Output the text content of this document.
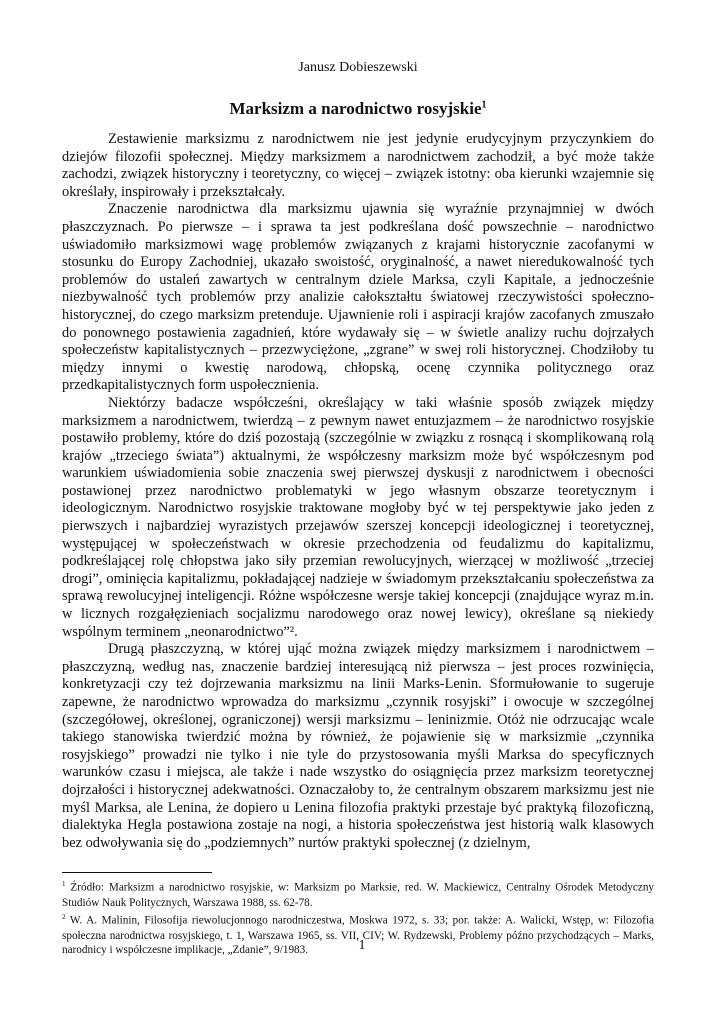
Janusz Dobieszewski
Marksizm a narodnictwo rosyjskie$^1$

Zestawienie marksizmu z narodnictwem nie jest jedynie erudycyjnym przyczynkiem do dziejów filozofii społecznej. Między marksizmem a narodnictwem zachodził, a być może także zachodzi, związek historyczny i teoretyczny, co więcej – związek istotny: oba kierunki wzajemnie się określały, inspirowały i przekształcały.

Znaczenie narodnictwa dla marksizmu ujawnia się wyraźnie przynajmniej w dwóch płaszczyznach. Po pierwsze – i sprawa ta jest podkreślana dość powszechnie – narodnictwo uświadomiło marksizmowi wagę problemów związanych z krajami historycznie zacofanymi w stosunku do Europy Zachodniej, ukazało swoistość, oryginalność, a nawet nieredukowalność tych problemów do ustaleń zawartych w centralnym dziele Marksa, czyli Kapitale, a jednocześnie niezbywalność tych problemów przy analizie całokształtu światowej rzeczywistości społeczno-historycznej, do czego marksizm pretenduje. Ujawnienie roli i aspiracji krajów zacofanych zmuszało do ponownego postawienia zagadnień, które wydawały się – w świetle analizy ruchu dojrzałych społeczeństw kapitalistycznych – przezwyciężone, „zgrane” w swej roli historycznej. Chodziłoby tu między innymi o kwestię narodową, chłopską, ocenę czynnika politycznego oraz przedkapitalistycznych form uspołecznienia.

Niektórzy badacze współcześni, określający w taki właśnie sposób związek między marksizmem a narodnictwem, twierdzą – z pewnym nawet entuzjazmem – że narodnictwo rosyjskie postawiło problemy, które do dziś pozostają (szczególnie w związku z rosnącą i skomplikowaną rolą krajów „trzeciego świata”) aktualnymi, że współczesny marksizm może być współczesnym pod warunkiem uświadomienia sobie znaczenia swej pierwszej dyskusji z narodnictwem i obecności postawionej przez narodnictwo problematyki w jego własnym obszarze teoretycznym i ideologicznym. Narodnictwo rosyjskie traktowane mogłoby być w tej perspektywie jako jeden z pierwszych i najbardziej wyrazistych przejawów szerszej koncepcji ideologicznej i teoretycznej, występującej w społeczeństwach w okresie przechodzenia od feudalizmu do kapitalizmu, podkreślającej rolę chłopstwa jako siły przemian rewolucyjnych, wierzącej w możliwość „trzeciej drogi”, ominięcia kapitalizmu, pokładającej nadzieje w świadomym przekształcaniu społeczeństwa za sprawą rewolucyjnej inteligencji. Różne współczesne wersje takiej koncepcji (znajdujące wyraz m.in. w licznych rozgałęzieniach socjalizmu narodowego oraz nowej lewicy), określane są niekiedy wspólnym terminem „neonarodnictwo”².

Drugą płaszczyzną, w której ująć można związek między marksizmem i narodnictwem – płaszczyzną, według nas, znaczenie bardziej interesującą niż pierwsza – jest proces rozwinięcia, konkretyzacji czy też dojrzewania marksizmu na linii Marks-Lenin. Sformułowanie to sugeruje zapewne, że narodnictwo wprowadza do marksizmu „czynnik rosyjski” i owocuje w szczególnej (szczegółowej, określonej, ograniczonej) wersji marksizmu – leninizmie. Otóż nie odrzucając wcale takiego stanowiska twierdzić można by również, że pojawienie się w marksizmie „czynnika rosyjskiego” prowadzi nie tylko i nie tyle do przystosowania myśli Marksa do specyficznych warunków czasu i miejsca, ale także i nade wszystko do osiągnięcia przez marksizm teoretycznej dojrzałości i historycznej adekwatności. Oznaczałoby to, że centralnym obszarem marksizmu jest nie myśl Marksa, ale Lenina, że dopiero u Lenina filozofia praktyki przestaje być praktyką filozoficzną, dialektyka Hegla postawiona zostaje na nogi, a historia społeczeństwa jest historią walk klasowych bez odwoływania się do „podziemnych” nurtów praktyki społecznej (z dzielnym,

$^1$ Źródło: Marksizm a narodnictwo rosyjskie, w: Marksizm po Marksie, red. W. Mackiewicz, Centralny Ośrodek Metodyczny Studiów Nauk Politycznych, Warszawa 1988, ss. 62-78.

$^2$ W. A. Malinin, Filosofija riewolucjonnogo narodniczestwa, Moskwa 1972, s. 33; por. także: A. Walicki, Wstęp, w: Filozofia społeczna narodnictwa rosyjskiego, t. 1, Warszawa 1965, ss. VII, CIV; W. Rydzewski, Problemy późno przychodzących – Marks, narodnicy i współczesne implikacje, „Zdanie”, 9/1983.	1
